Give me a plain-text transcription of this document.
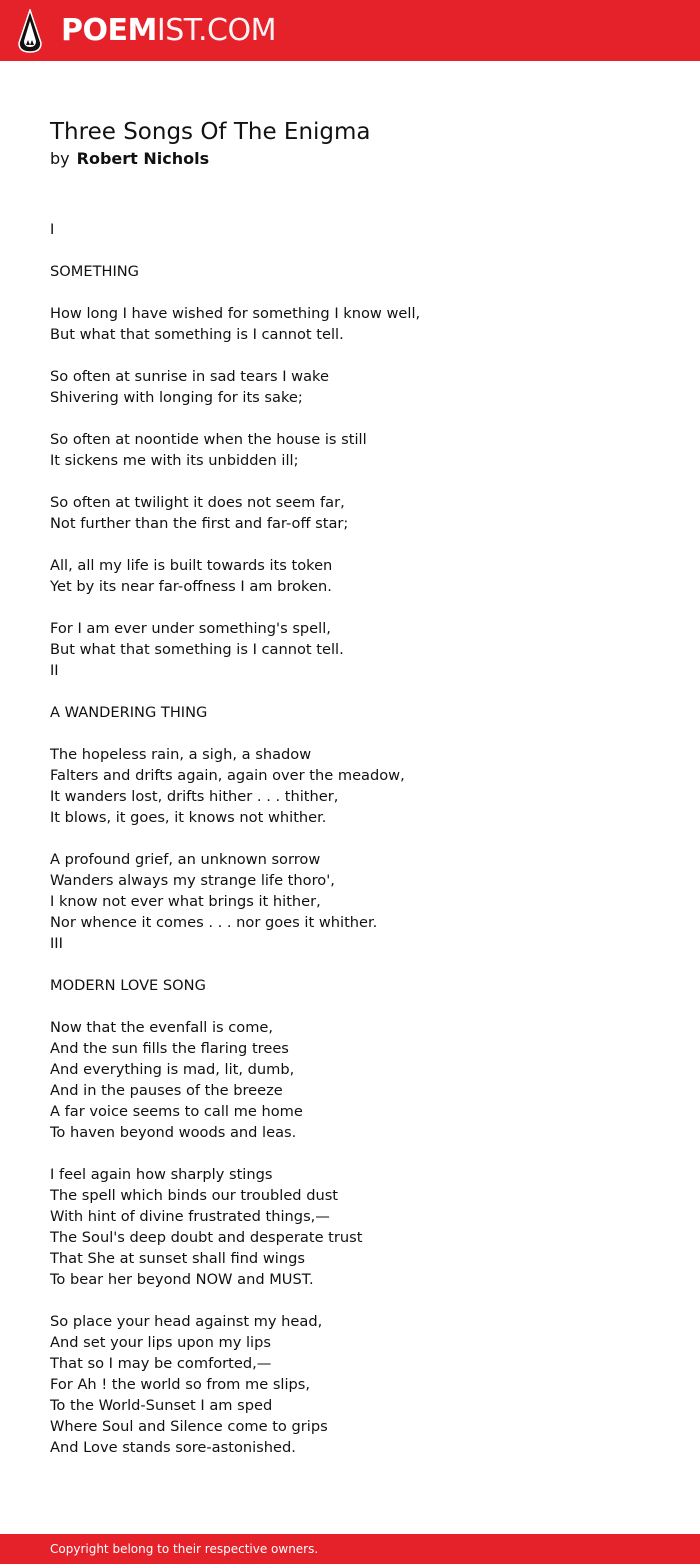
POEMIST.COM
Three Songs Of The Enigma
by Robert Nichols
I
SOMETHING
How long I have wished for something I know well,
But what that something is I cannot tell.
So often at sunrise in sad tears I wake
Shivering with longing for its sake;
So often at noontide when the house is still
It sickens me with its unbidden ill;
So often at twilight it does not seem far,
Not further than the first and far-off star;
All, all my life is built towards its token
Yet by its near far-offness I am broken.
For I am ever under something's spell,
But what that something is I cannot tell.
II
A WANDERING THING
The hopeless rain, a sigh, a shadow
Falters and drifts again, again over the meadow,
It wanders lost, drifts hither . . . thither,
It blows, it goes, it knows not whither.
A profound grief, an unknown sorrow
Wanders always my strange life thoro',
I know not ever what brings it hither,
Nor whence it comes . . . nor goes it whither.
III
MODERN LOVE SONG
Now that the evenfall is come,
And the sun fills the flaring trees
And everything is mad, lit, dumb,
And in the pauses of the breeze
A far voice seems to call me home
To haven beyond woods and leas.
I feel again how sharply stings
The spell which binds our troubled dust
With hint of divine frustrated things,—
The Soul's deep doubt and desperate trust
That She at sunset shall find wings
To bear her beyond NOW and MUST.
So place your head against my head,
And set your lips upon my lips
That so I may be comforted,—
For Ah ! the world so from me slips,
To the World-Sunset I am sped
Where Soul and Silence come to grips
And Love stands sore-astonished.
Copyright belong to their respective owners.
